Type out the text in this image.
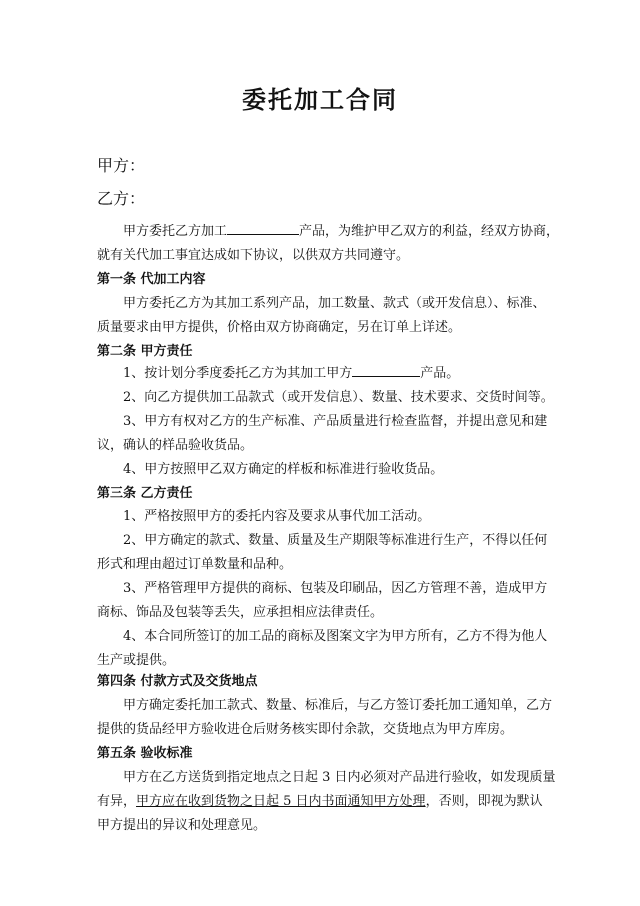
委托加工合同
甲方：
乙方：
甲方委托乙方加工	产品，为维护甲乙双方的利益，经双方协商，
就有关代加工事宜达成如下协议，以供双方共同遵守。
第一条 代加工内容
甲方委托乙方为其加工系列产品，加工数量、款式（或开发信息）、标准、
质量要求由甲方提供，价格由双方协商确定，另在订单上详述。
第二条 甲方责任
1、按计划分季度委托乙方为其加工甲方	产品。
2、向乙方提供加工品款式（或开发信息）、数量、技术要求、交货时间等。
3、甲方有权对乙方的生产标准、产品质量进行检查监督，并提出意见和建
议，确认的样品验收货品。
4、甲方按照甲乙双方确定的样板和标准进行验收货品。
第三条 乙方责任
1、严格按照甲方的委托内容及要求从事代加工活动。
2、甲方确定的款式、数量、质量及生产期限等标准进行生产，不得以任何
形式和理由超过订单数量和品种。
3、严格管理甲方提供的商标、包装及印刷品，因乙方管理不善，造成甲方
商标、饰品及包装等丢失，应承担相应法律责任。
4、本合同所签订的加工品的商标及图案文字为甲方所有，乙方不得为他人
生产或提供。
第四条 付款方式及交货地点
甲方确定委托加工款式、数量、标准后，与乙方签订委托加工通知单，乙方
提供的货品经甲方验收进仓后财务核实即付余款，交货地点为甲方库房。
第五条 验收标准
甲方在乙方送货到指定地点之日起 3 日内必须对产品进行验收，如发现质量
有异，甲方应在收到货物之日起 5 日内书面通知甲方处理，否则，即视为默认
甲方提出的异议和处理意见。
